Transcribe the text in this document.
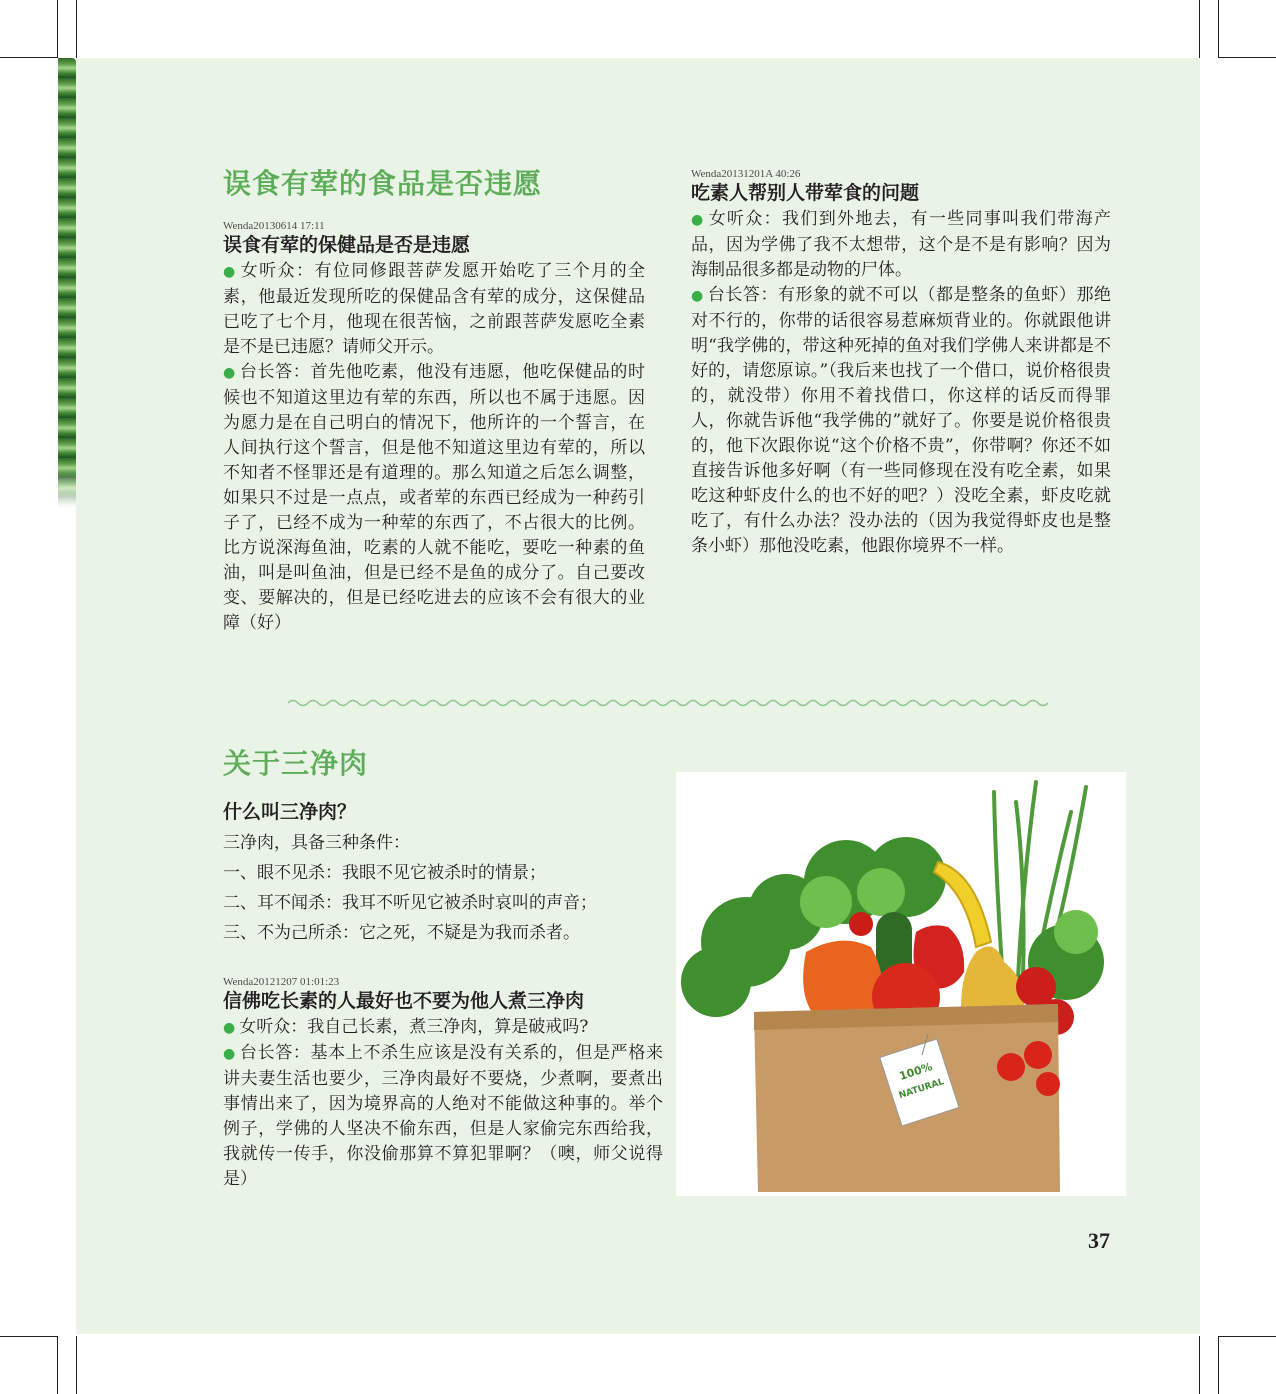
误食有荤的食品是否违愿
Wenda20130614 17:11
误食有荤的保健品是否是违愿

● 女听众：有位同修跟菩萨发愿开始吃了三个月的全素，他最近发现所吃的保健品含有荤的成分，这保健品已吃了七个月，他现在很苦恼，之前跟菩萨发愿吃全素是不是已违愿？请师父开示。

● 台长答：首先他吃素，他没有违愿，他吃保健品的时候也不知道这里边有荤的东西，所以也不属于违愿。因为愿力是在自己明白的情况下，他所许的一个誓言，在人间执行这个誓言，但是他不知道这里边有荤的，所以不知者不怪罪还是有道理的。那么知道之后怎么调整，如果只不过是一点点，或者荤的东西已经成为一种药引子了，已经不成为一种荤的东西了，不占很大的比例。比方说深海鱼油，吃素的人就不能吃，要吃一种素的鱼油，叫是叫鱼油，但是已经不是鱼的成分了。自己要改变、要解决的，但是已经吃进去的应该不会有很大的业障（好）

Wenda20131201A 40:26
吃素人帮别人带荤食的问题

● 女听众：我们到外地去，有一些同事叫我们带海产品，因为学佛了我不太想带，这个是不是有影响？因为海制品很多都是动物的尸体。

● 台长答：有形象的就不可以（都是整条的鱼虾）那绝对不行的，你带的话很容易惹麻烦背业的。你就跟他讲明“我学佛的，带这种死掉的鱼对我们学佛人来讲都是不好的，请您原谅。”（我后来也找了一个借口，说价格很贵的，就没带）你用不着找借口，你这样的话反而得罪人，你就告诉他“我学佛的”就好了。你要是说价格很贵的，他下次跟你说“这个价格不贵”，你带啊？你还不如直接告诉他多好啊（有一些同修现在没有吃全素，如果吃这种虾皮什么的也不好的吧？）没吃全素，虾皮吃就吃了，有什么办法？没办法的（因为我觉得虾皮也是整条小虾）那他没吃素，他跟你境界不一样。

关于三净肉
什么叫三净肉？

三净肉，具备三种条件：

一、眼不见杀：我眼不见它被杀时的情景；

二、耳不闻杀：我耳不听见它被杀时哀叫的声音；

三、不为己所杀：它之死，不疑是为我而杀者。

Wenda20121207 01:01:23
信佛吃长素的人最好也不要为他人煮三净肉

● 女听众：我自己长素，煮三净肉，算是破戒吗?

● 台长答：基本上不杀生应该是没有关系的，但是严格来讲夫妻生活也要少，三净肉最好不要烧，少煮啊，要煮出事情出来了，因为境界高的人绝对不能做这种事的。举个例子，学佛的人坚决不偷东西，但是人家偷完东西给我，我就传一传手，你没偷那算不算犯罪啊？（噢，师父说得是）

100%
NATURAL
37
